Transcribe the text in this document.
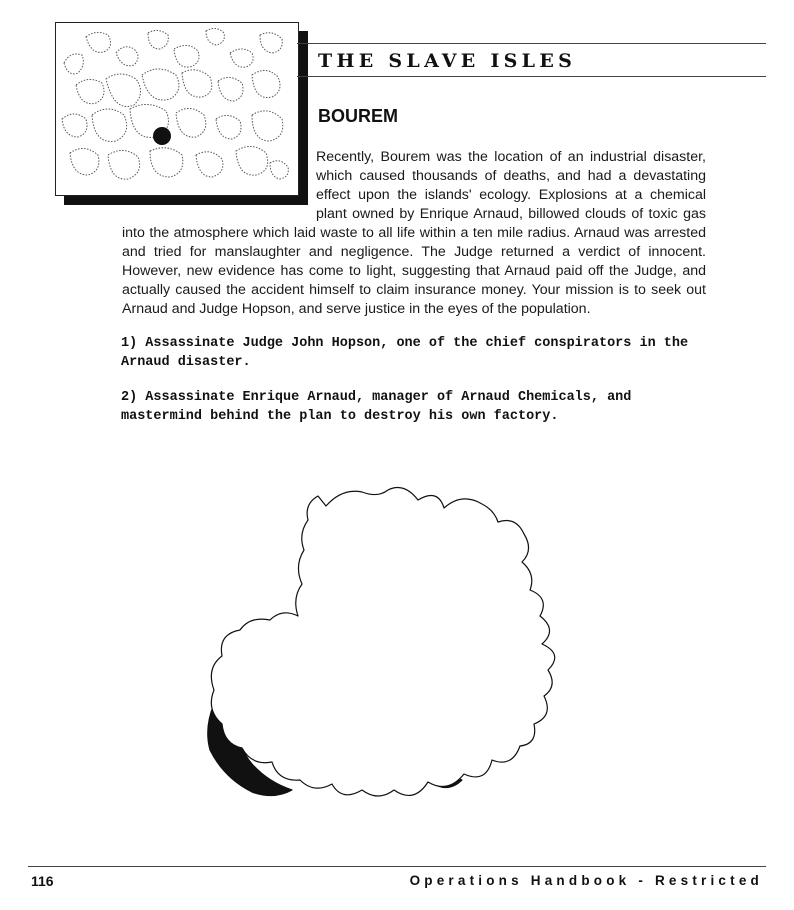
THE SLAVE ISLES
BOUREM

Recently, Bourem was the location of an industrial disaster, which caused thousands of deaths, and had a devastating effect upon the islands' ecology. Explosions at a chemical plant owned by Enrique Arnaud, billowed clouds of toxic gas into the atmosphere which laid waste to all life within a ten mile radius. Arnaud was arrested and tried for manslaughter and negligence. The Judge returned a verdict of innocent. However, new evidence has come to light, suggesting that Arnaud paid off the Judge, and actually caused the accident himself to claim insurance money. Your mission is to seek out Arnaud and Judge Hopson, and serve justice in the eyes of the population.

1) Assassinate Judge John Hopson, one of the chief conspirators in the Arnaud disaster.

2) Assassinate Enrique Arnaud, manager of Arnaud Chemicals, and mastermind behind the plan to destroy his own factory.

116	Operations Handbook - Restricted
